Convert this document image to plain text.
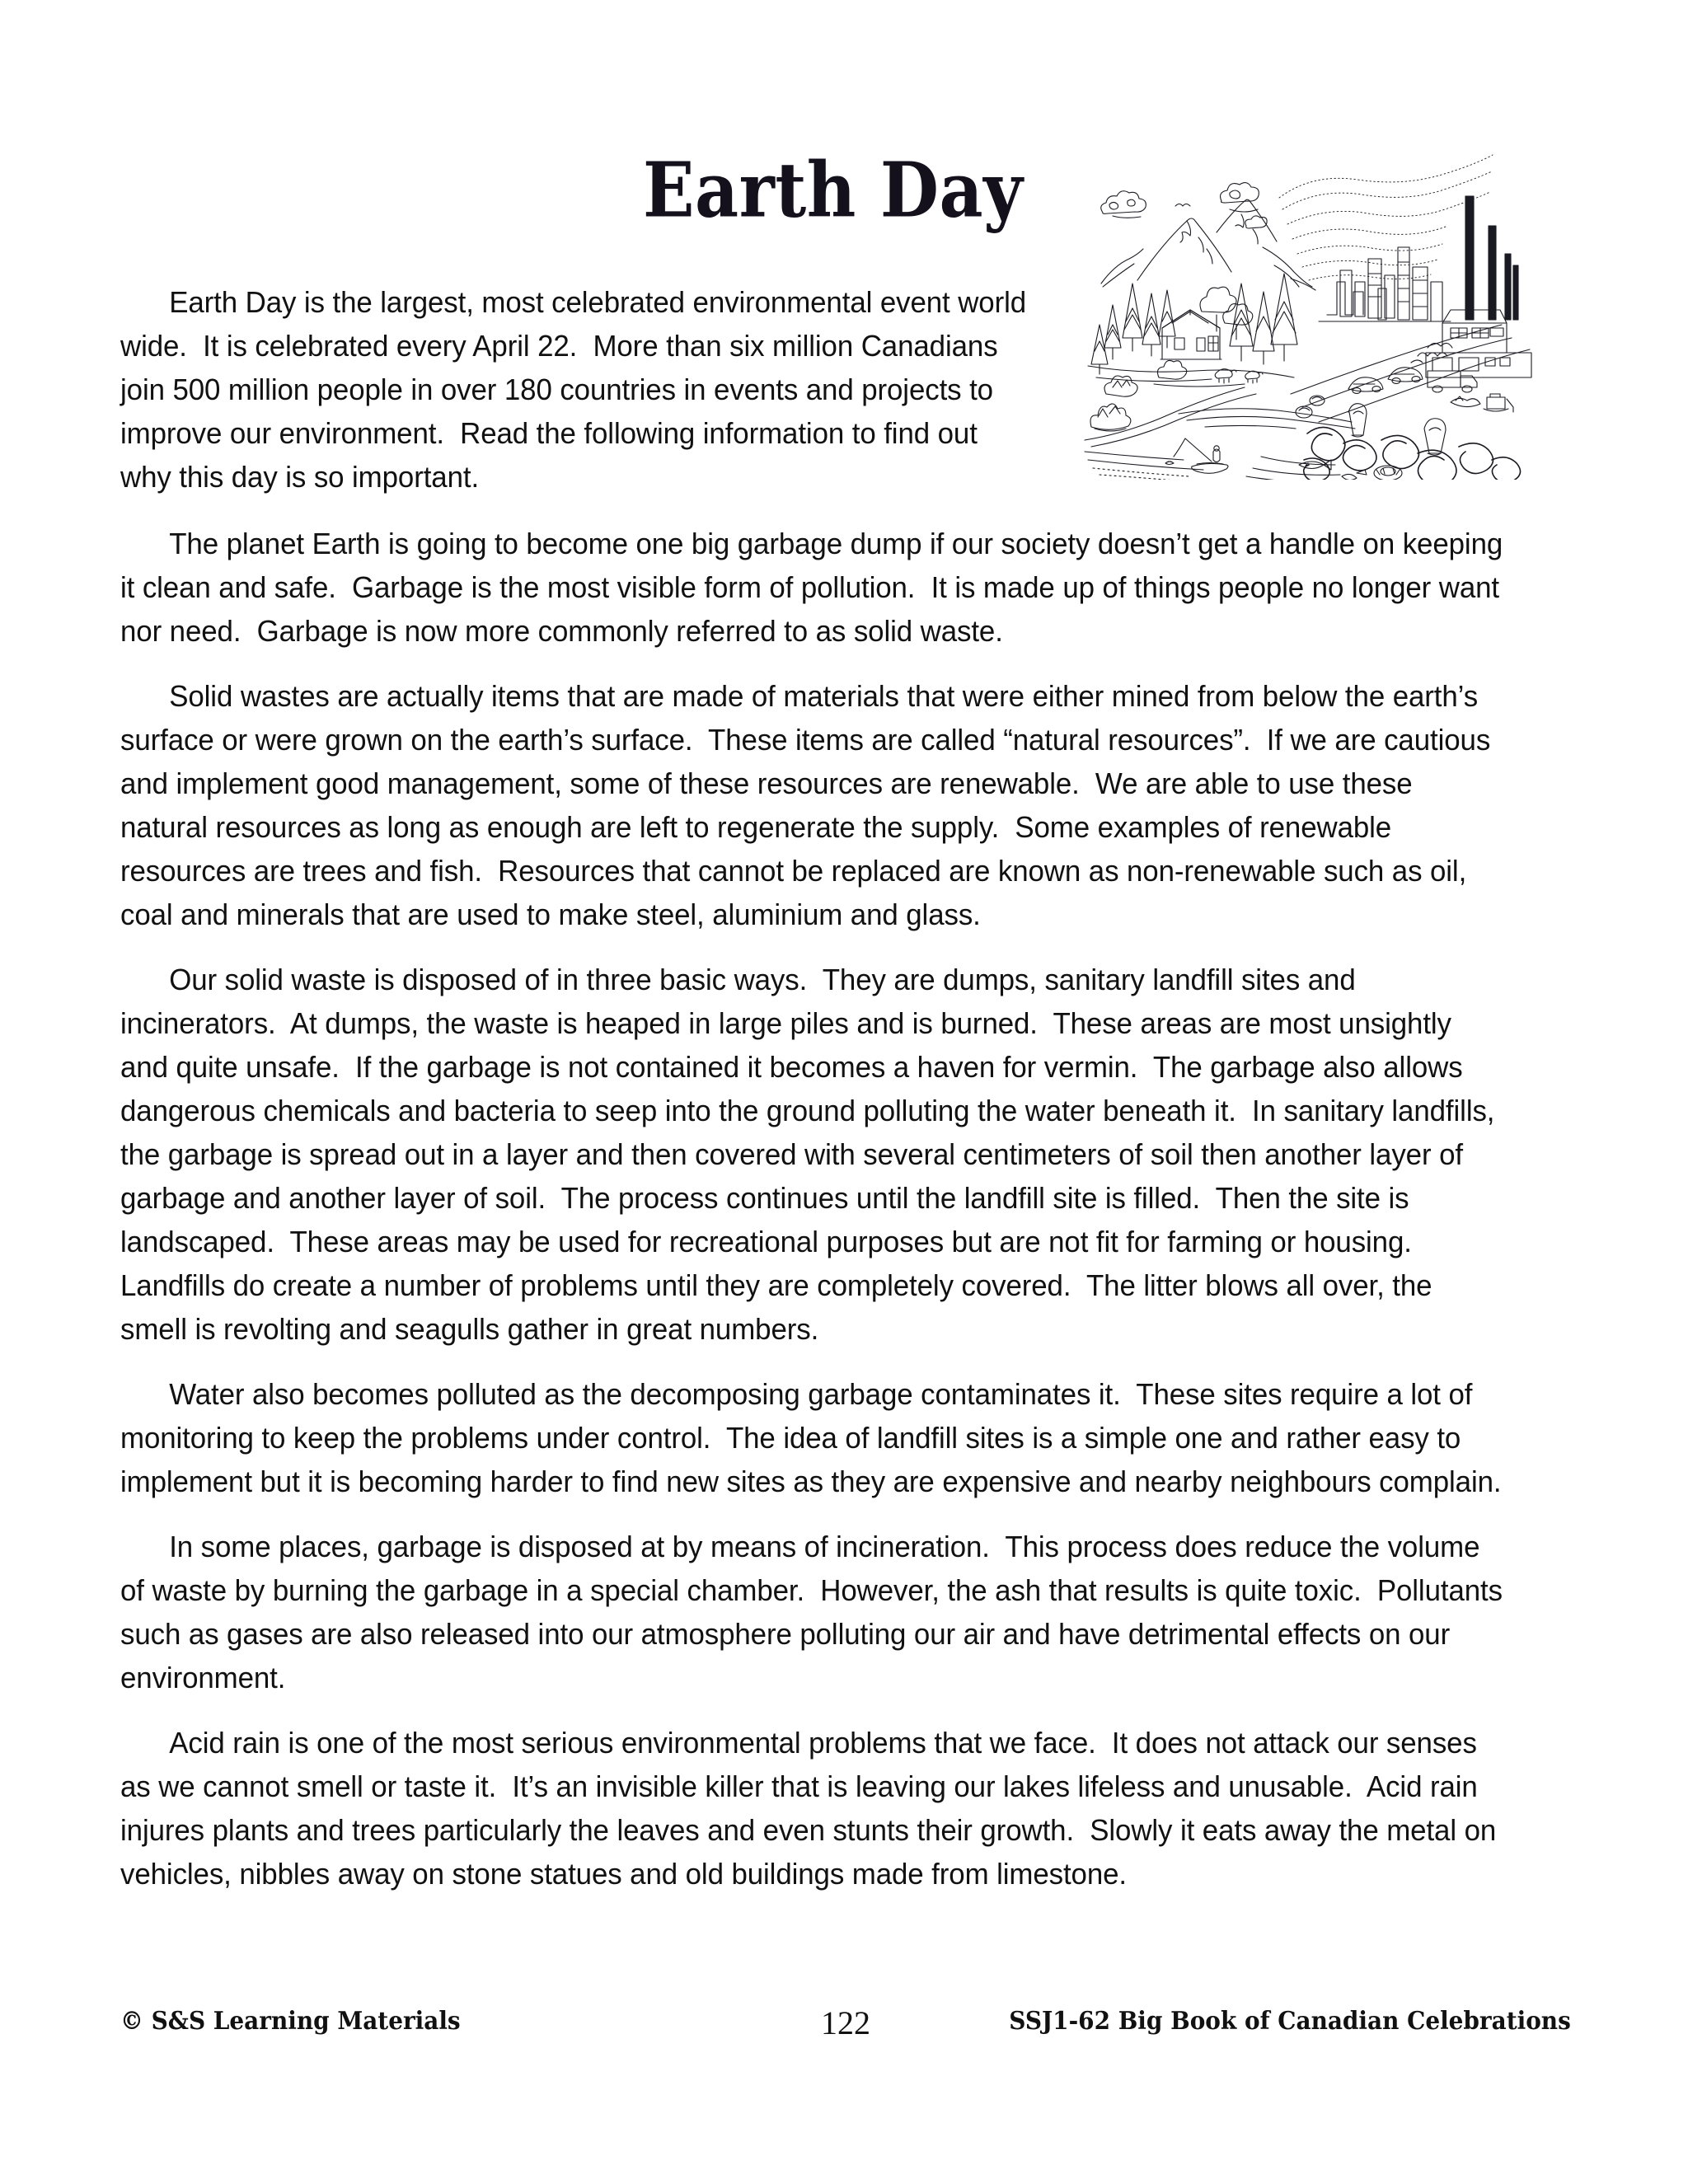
Earth Day

Earth Day is the largest, most celebrated environmental event world wide.  It is celebrated every April 22.  More than six million Canadians join 500 million people in over 180 countries in events and projects to improve our environment.  Read the following information to find out why this day is so important.

The planet Earth is going to become one big garbage dump if our society doesn’t get a handle on keeping it clean and safe.  Garbage is the most visible form of pollution.  It is made up of things people no longer want nor need.  Garbage is now more commonly referred to as solid waste.

Solid wastes are actually items that are made of materials that were either mined from below the earth’s surface or were grown on the earth’s surface.  These items are called “natural resources”.  If we are cautious and implement good management, some of these resources are renewable.  We are able to use these natural resources as long as enough are left to regenerate the supply.  Some examples of renewable resources are trees and fish.  Resources that cannot be replaced are known as non-renewable such as oil, coal and minerals that are used to make steel, aluminium and glass.

Our solid waste is disposed of in three basic ways.  They are dumps, sanitary landfill sites and incinerators.  At dumps, the waste is heaped in large piles and is burned.  These areas are most unsightly and quite unsafe.  If the garbage is not contained it becomes a haven for vermin.  The garbage also allows dangerous chemicals and bacteria to seep into the ground polluting the water beneath it.  In sanitary landfills, the garbage is spread out in a layer and then covered with several centimeters of soil then another layer of garbage and another layer of soil.  The process continues until the landfill site is filled.  Then the site is landscaped.  These areas may be used for recreational purposes but are not fit for farming or housing.  Landfills do create a number of problems until they are completely covered.  The litter blows all over, the smell is revolting and seagulls gather in great numbers.

Water also becomes polluted as the decomposing garbage contaminates it.  These sites require a lot of monitoring to keep the problems under control.  The idea of landfill sites is a simple one and rather easy to implement but it is becoming harder to find new sites as they are expensive and nearby neighbours complain.

In some places, garbage is disposed at by means of incineration.  This process does reduce the volume of waste by burning the garbage in a special chamber.  However, the ash that results is quite toxic.  Pollutants such as gases are also released into our atmosphere polluting our air and have detrimental effects on our environment.

Acid rain is one of the most serious environmental problems that we face.  It does not attack our senses as we cannot smell or taste it.  It’s an invisible killer that is leaving our lakes lifeless and unusable.  Acid rain injures plants and trees particularly the leaves and even stunts their growth.  Slowly it eats away the metal on vehicles, nibbles away on stone statues and old buildings made from limestone.

© S&S Learning Materials	122	SSJ1-62 Big Book of Canadian Celebrations
